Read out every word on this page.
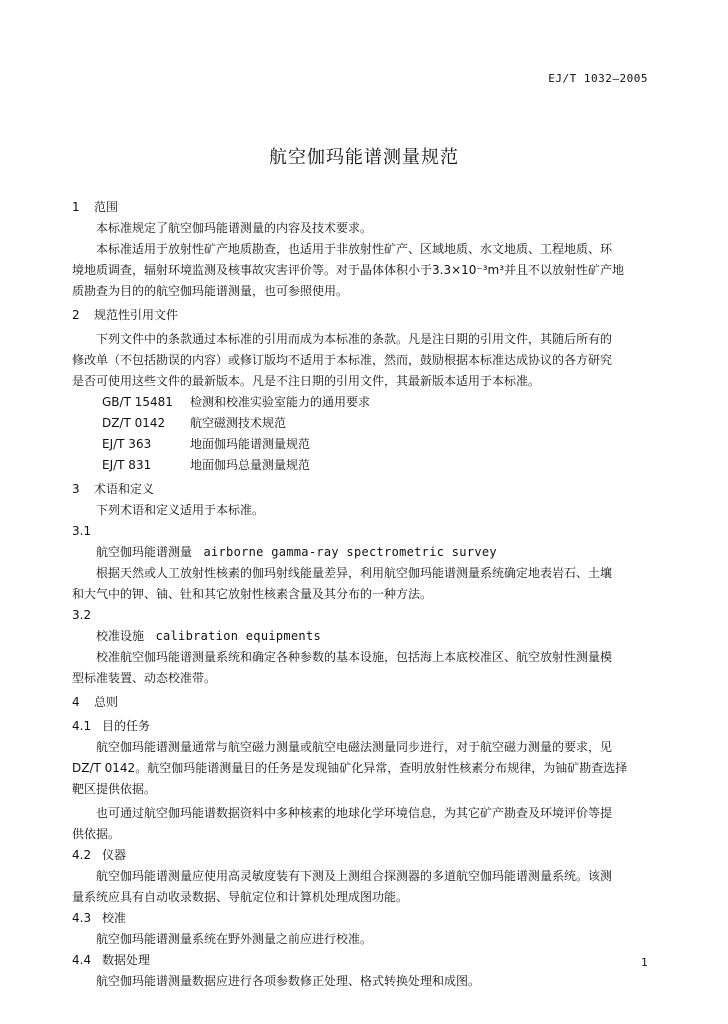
EJ/T 1032—2005
航空伽玛能谱测量规范
1 范围
本标准规定了航空伽玛能谱测量的内容及技术要求。
本标准适用于放射性矿产地质勘查，也适用于非放射性矿产、区域地质、水文地质、工程地质、环
境地质调查，辐射环境监测及核事故灾害评价等。对于晶体体积小于3.3×10⁻³m³并且不以放射性矿产地
质勘查为目的的航空伽玛能谱测量，也可参照使用。
2 规范性引用文件
下列文件中的条款通过本标准的引用而成为本标准的条款。凡是注日期的引用文件，其随后所有的
修改单（不包括勘误的内容）或修订版均不适用于本标准，然而，鼓励根据本标准达成协议的各方研究
是否可使用这些文件的最新版本。凡是不注日期的引用文件，其最新版本适用于本标准。
GB/T 15481 检测和校准实验室能力的通用要求
DZ/T 0142 航空磁测技术规范
EJ/T 363	地面伽玛能谱测量规范
EJ/T 831	地面伽玛总量测量规范
3 术语和定义
下列术语和定义适用于本标准。
3.1
航空伽玛能谱测量 airborne gamma-ray spectrometric survey
根据天然或人工放射性核素的伽玛射线能量差异，利用航空伽玛能谱测量系统确定地表岩石、土壤
和大气中的钾、铀、钍和其它放射性核素含量及其分布的一种方法。
3.2
校准设施 calibration equipments
校准航空伽玛能谱测量系统和确定各种参数的基本设施，包括海上本底校准区、航空放射性测量模
型标准装置、动态校准带。
4 总则
4.1 目的任务
航空伽玛能谱测量通常与航空磁力测量或航空电磁法测量同步进行，对于航空磁力测量的要求，见
DZ/T 0142。航空伽玛能谱测量目的任务是发现铀矿化异常，查明放射性核素分布规律，为铀矿勘查选择
靶区提供依据。
也可通过航空伽玛能谱数据资料中多种核素的地球化学环境信息，为其它矿产勘查及环境评价等提
供依据。
4.2 仪器
航空伽玛能谱测量应使用高灵敏度装有下测及上测组合探测器的多道航空伽玛能谱测量系统。该测
量系统应具有自动收录数据、导航定位和计算机处理成图功能。
4.3 校准
航空伽玛能谱测量系统在野外测量之前应进行校准。
4.4 数据处理
航空伽玛能谱测量数据应进行各项参数修正处理、格式转换处理和成图。
1
